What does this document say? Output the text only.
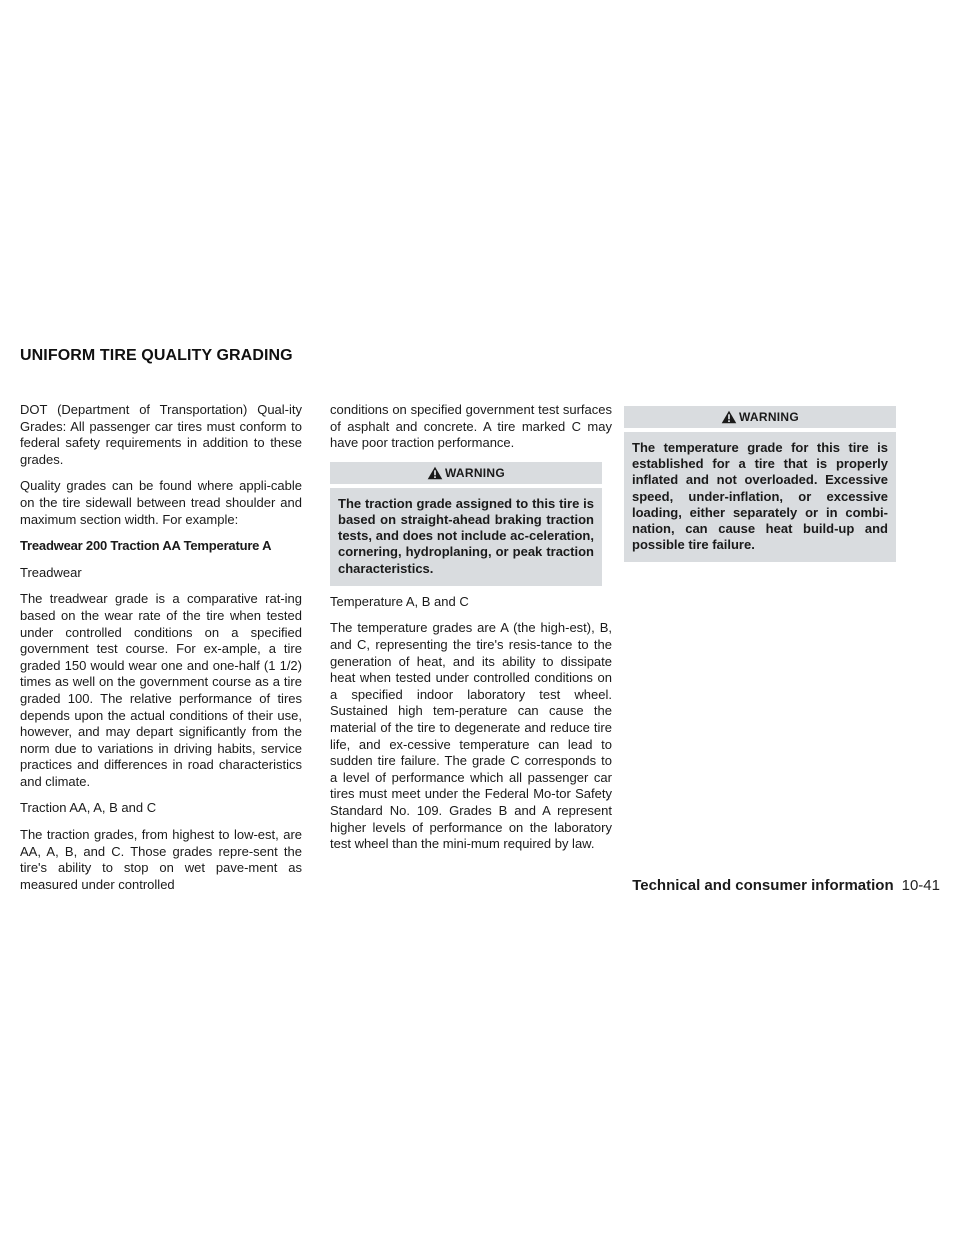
UNIFORM TIRE QUALITY GRADING

DOT (Department of Transportation) Qual-ity Grades: All passenger car tires must conform to federal safety requirements in addition to these grades.

Quality grades can be found where appli-cable on the tire sidewall between tread shoulder and maximum section width. For example:

Treadwear 200 Traction AA Temperature A

Treadwear

The treadwear grade is a comparative rat-ing based on the wear rate of the tire when tested under controlled conditions on a specified government test course. For ex-ample, a tire graded 150 would wear one and one-half (1 1/2) times as well on the government course as a tire graded 100. The relative performance of tires depends upon the actual conditions of their use, however, and may depart significantly from the norm due to variations in driving habits, service practices and differences in road characteristics and climate.

Traction AA, A, B and C

The traction grades, from highest to low-est, are AA, A, B, and C. Those grades repre-sent the tire's ability to stop on wet pave-ment as measured under controlled

conditions on specified government test surfaces of asphalt and concrete. A tire marked C may have poor traction performance.

WARNING
The traction grade assigned to this tire is based on straight-ahead braking traction tests, and does not include ac-celeration, cornering, hydroplaning, or peak traction characteristics.

Temperature A, B and C

The temperature grades are A (the high-est), B, and C, representing the tire's resis-tance to the generation of heat, and its ability to dissipate heat when tested under controlled conditions on a specified indoor laboratory test wheel. Sustained high tem-perature can cause the material of the tire to degenerate and reduce tire life, and ex-cessive temperature can lead to sudden tire failure. The grade C corresponds to a level of performance which all passenger car tires must meet under the Federal Mo-tor Safety Standard No. 109. Grades B and A represent higher levels of performance on the laboratory test wheel than the mini-mum required by law.

WARNING
The temperature grade for this tire is established for a tire that is properly inflated and not overloaded. Excessive speed, under-inflation, or excessive loading, either separately or in combi-nation, can cause heat build-up and possible tire failure.
Technical and consumer information 10-41
